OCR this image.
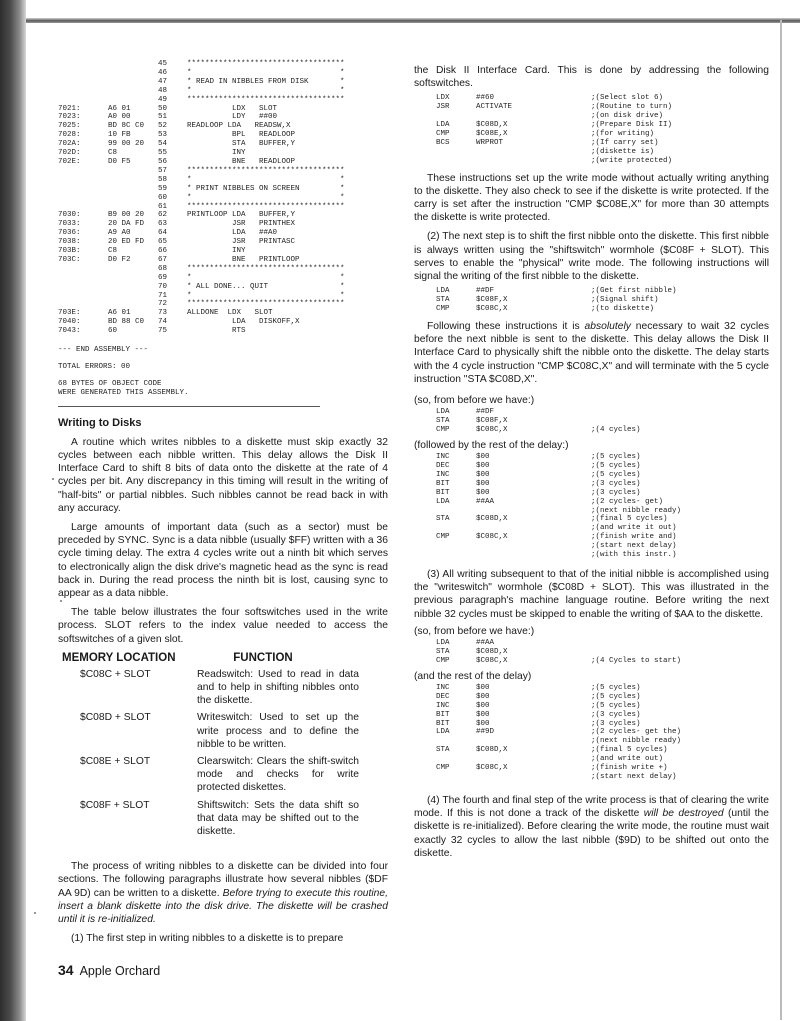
		45	***********************************
		46	*                                 *
		47	* READ IN NIBBLES FROM DISK       *
		48	*                                 *
		49	***********************************
7021:	A6 01	50	LDX   SLOT
7023:	A0 00	51	LDY   ##00
7025:	BD 8C C0	52	READLOOP LDA   READSW,X
7028:	10 FB	53	BPL   READLOOP
702A:	99 00 20	54	STA   BUFFER,Y
702D:	C8	55	INY
702E:	D0 F5	56	BNE   READLOOP
		57	***********************************
		58	*                                 *
		59	* PRINT NIBBLES ON SCREEN         *
		60	*                                 *
		61	***********************************
7030:	B9 00 20	62	PRINTLOOP LDA   BUFFER,Y
7033:	20 DA FD	63	JSR   PRINTHEX
7036:	A9 A0	64	LDA   ##A0
7038:	20 ED FD	65	JSR   PRINTASC
703B:	C8	66	INY
703C:	D0 F2	67	BNE   PRINTLOOP
		68	***********************************
		69	*                                 *
		70	* ALL DONE... QUIT                *
		71	*                                 *
		72	***********************************
703E:	A6 01	73	ALLDONE  LDX   SLOT
7040:	BD 88 C0	74	LDA   DISKOFF,X
7043:	60	75	RTS
--- END ASSEMBLY ---
TOTAL ERRORS: 00
68 BYTES OF OBJECT CODE
WERE GENERATED THIS ASSEMBLY.
Writing to Disks

A routine which writes nibbles to a diskette must skip exactly 32 cycles between each nibble written. This delay allows the Disk II Interface Card to shift 8 bits of data onto the diskette at the rate of 4 cycles per bit. Any discrepancy in this timing will result in the writing of "half-bits" or partial nibbles. Such nibbles cannot be read back in with any accuracy.

Large amounts of important data (such as a sector) must be preceded by SYNC. Sync is a data nibble (usually $FF) written with a 36 cycle timing delay. The extra 4 cycles write out a ninth bit which serves to electronically align the disk drive's magnetic head as the sync is read back in. During the read process the ninth bit is lost, causing sync to appear as a data nibble.

The table below illustrates the four softswitches used in the write process. SLOT refers to the index value needed to access the softswitches of a given slot.

MEMORY LOCATION	FUNCTION
$C08C + SLOT	Readswitch: Used to read in data and to help in shifting nibbles onto the diskette.
$C08D + SLOT	Writeswitch: Used to set up the write process and to define the nibble to be written.
$C08E + SLOT	Clearswitch: Clears the shift-switch mode and checks for write protected diskettes.
$C08F + SLOT	Shiftswitch: Sets the data shift so that data may be shifted out to the diskette.

The process of writing nibbles to a diskette can be divided into four sections. The following paragraphs illustrate how several nibbles ($DF AA 9D) can be written to a diskette. Before trying to execute this routine, insert a blank diskette into the disk drive. The diskette will be crashed until it is re-initialized.

(1) The first step in writing nibbles to a diskette is to prepare

the Disk II Interface Card. This is done by addressing the following softswitches.

LDX	##60	;(Select slot 6)
JSR	ACTIVATE	;(Routine to turn)
;(on disk drive)
LDA	$C08D,X	;(Prepare Disk II)
CMP	$C08E,X	;(for writing)
BCS	WRPROT	;(If carry set)
;(diskette is)
;(write protected)

These instructions set up the write mode without actually writing anything to the diskette. They also check to see if the diskette is write protected. If the carry is set after the instruction "CMP $C08E,X" for more than 30 attempts the diskette is write protected.

(2) The next step is to shift the first nibble onto the diskette. This first nibble is always written using the "shiftswitch" wormhole ($C08F + SLOT). This serves to enable the "physical" write mode. The following instructions will signal the writing of the first nibble to the diskette.

LDA	##DF	;(Get first nibble)
STA	$C08F,X	;(Signal shift)
CMP	$C08C,X	;(to diskette)

Following these instructions it is absolutely necessary to wait 32 cycles before the next nibble is sent to the diskette. This delay allows the Disk II Interface Card to physically shift the nibble onto the diskette. The delay starts with the 4 cycle instruction "CMP $C08C,X" and will terminate with the 5 cycle instruction "STA $C08D,X".

(so, from before we have:)
LDA	##DF
STA	$C08F,X
CMP	$C08C,X	;(4 cycles)
(followed by the rest of the delay:)
INC	$00	;(5 cycles)
DEC	$00	;(5 cycles)
INC	$00	;(5 cycles)
BIT	$00	;(3 cycles)
BIT	$00	;(3 cycles)
LDA	##AA	;(2 cycles- get)
;(next nibble ready)
STA	$C08D,X	;(final 5 cycles)
;(and write it out)
CMP	$C08C,X	;(finish write and)
;(start next delay)
;(with this instr.)

(3) All writing subsequent to that of the initial nibble is accomplished using the "writeswitch" wormhole ($C08D + SLOT). This was illustrated in the previous paragraph's machine language routine. Before writing the next nibble 32 cycles must be skipped to enable the writing of $AA to the diskette.

(so, from before we have:)
LDA	##AA
STA	$C08D,X
CMP	$C08C,X	;(4 Cycles to start)
(and the rest of the delay)
INC	$00	;(5 cycles)
DEC	$00	;(5 cycles)
INC	$00	;(5 cycles)
BIT	$00	;(3 cycles)
BIT	$00	;(3 cycles)
LDA	##9D	;(2 cycles- get the)
;(next nibble ready)
STA	$C08D,X	;(final 5 cycles)
;(and write out)
CMP	$C08C,X	;(finish write +)
;(start next delay)

(4) The fourth and final step of the write process is that of clearing the write mode. If this is not done a track of the diskette will be destroyed (until the diskette is re-initialized). Before clearing the write mode, the routine must wait exactly 32 cycles to allow the last nibble ($9D) to be shifted out onto the diskette.

34 Apple Orchard
